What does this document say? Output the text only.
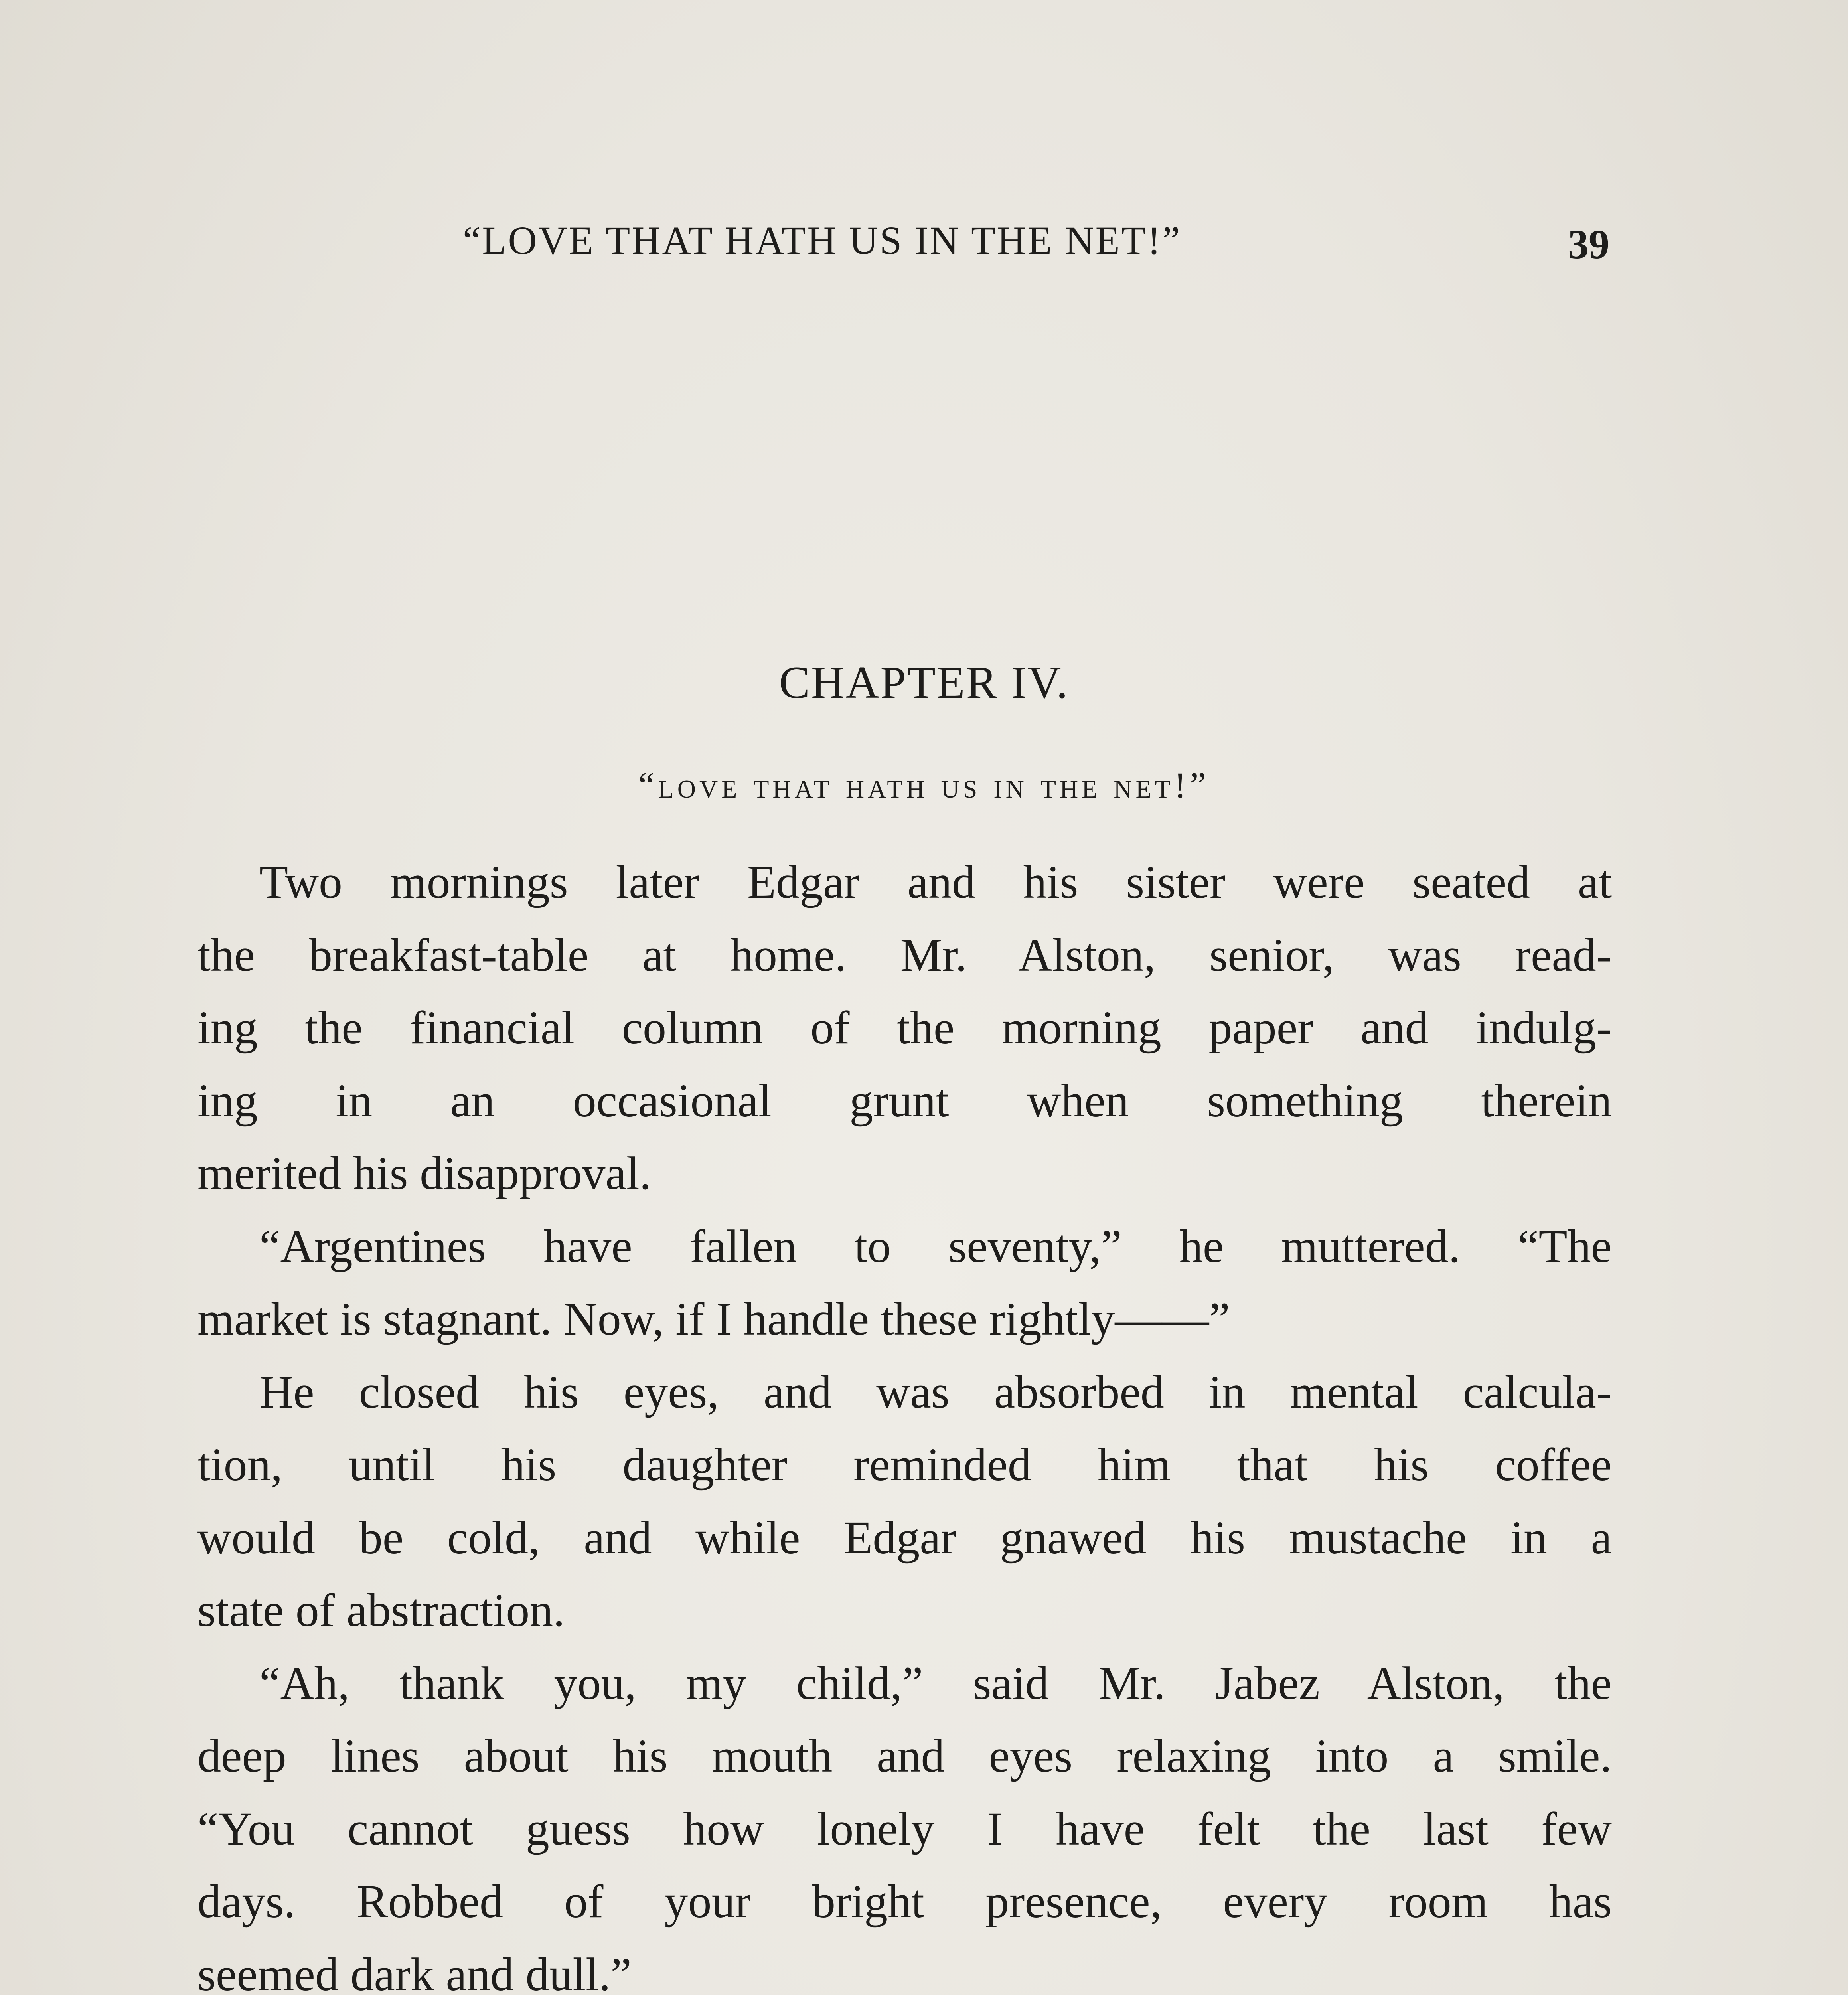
“LOVE THAT HATH US IN THE NET!”	39
CHAPTER IV.
“love that hath us in the net!”
Two mornings later Edgar and his sister were seated at
the breakfast-table at home. Mr. Alston, senior, was read-
ing the financial column of the morning paper and indulg-
ing in an occasional grunt when something therein
merited his disapproval.
“Argentines have fallen to seventy,” he muttered. “The
market is stagnant. Now, if I handle these rightly——”
He closed his eyes, and was absorbed in mental calcula-
tion, until his daughter reminded him that his coffee
would be cold, and while Edgar gnawed his mustache in a
state of abstraction.
“Ah, thank you, my child,” said Mr. Jabez Alston, the
deep lines about his mouth and eyes relaxing into a smile.
“You cannot guess how lonely I have felt the last few
days. Robbed of your bright presence, every room has
seemed dark and dull.”
